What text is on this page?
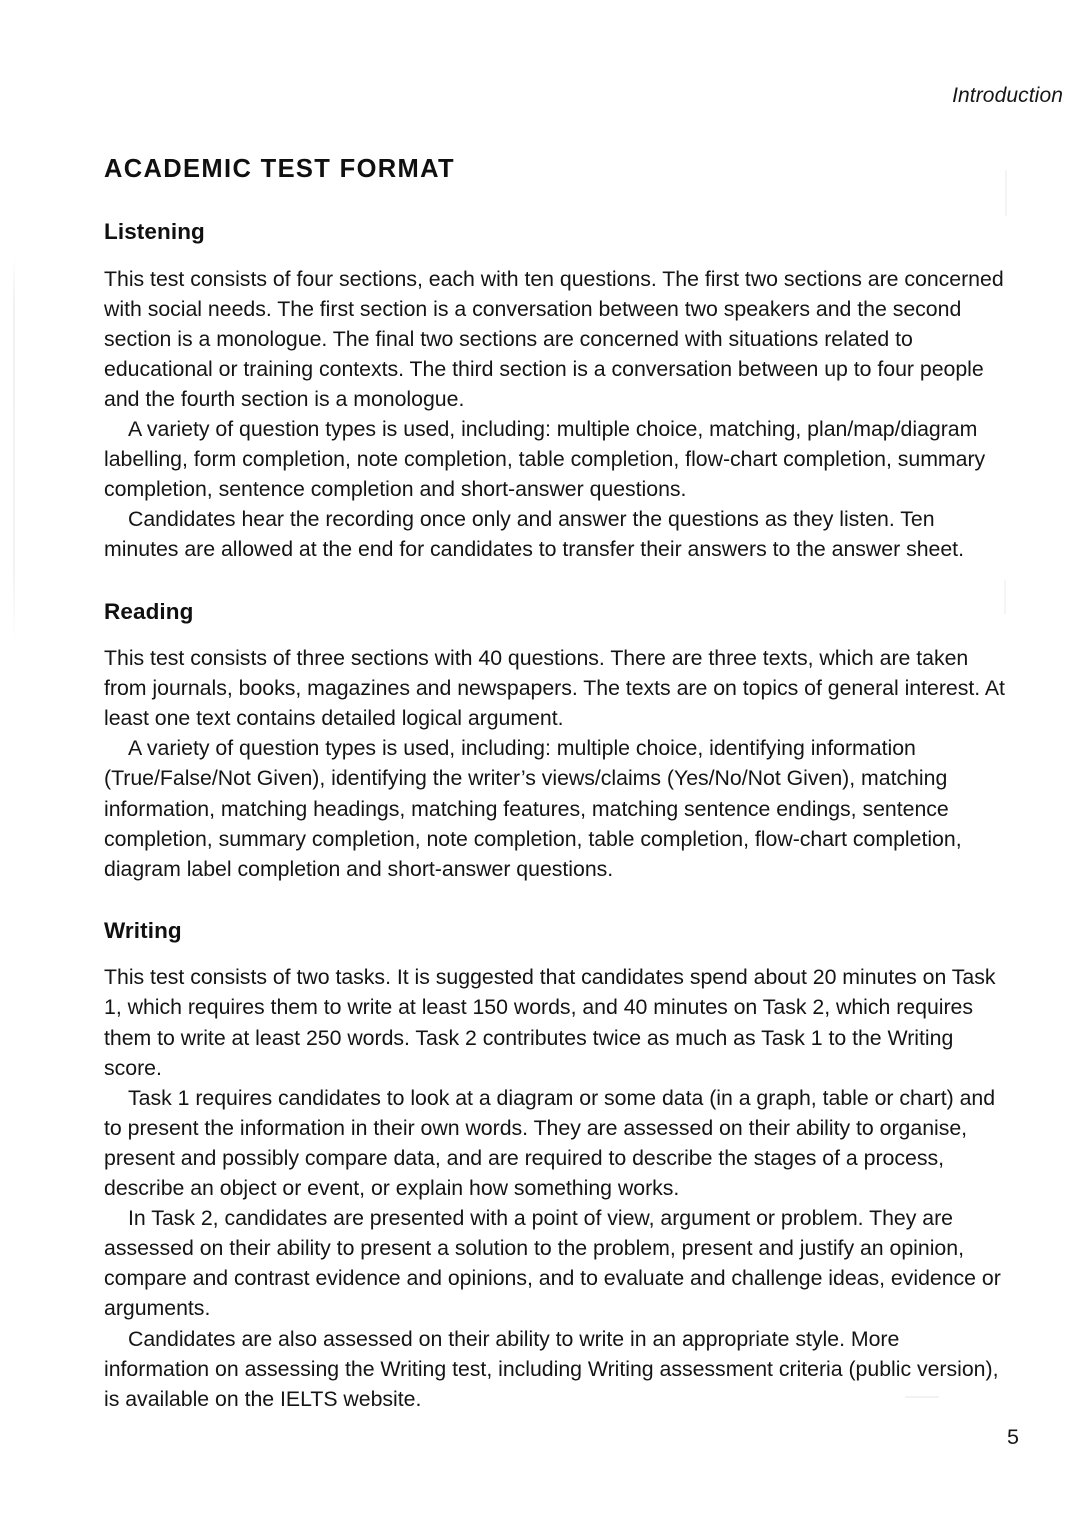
Introduction
ACADEMIC TEST FORMAT
Listening

This test consists of four sections, each with ten questions. The first two sections are concerned with social needs. The first section is a conversation between two speakers and the second section is a monologue. The final two sections are concerned with situations related to educational or training contexts. The third section is a conversation between up to four people and the fourth section is a monologue.

A variety of question types is used, including: multiple choice, matching, plan/map/diagram labelling, form completion, note completion, table completion, flow-chart completion, summary completion, sentence completion and short-answer questions.

Candidates hear the recording once only and answer the questions as they listen. Ten minutes are allowed at the end for candidates to transfer their answers to the answer sheet.

Reading

This test consists of three sections with 40 questions. There are three texts, which are taken from journals, books, magazines and newspapers. The texts are on topics of general interest. At least one text contains detailed logical argument.

A variety of question types is used, including: multiple choice, identifying information (True/False/Not Given), identifying the writer’s views/claims (Yes/No/Not Given), matching information, matching headings, matching features, matching sentence endings, sentence completion, summary completion, note completion, table completion, flow-chart completion, diagram label completion and short-answer questions.

Writing

This test consists of two tasks. It is suggested that candidates spend about 20 minutes on Task 1, which requires them to write at least 150 words, and 40 minutes on Task 2, which requires them to write at least 250 words. Task 2 contributes twice as much as Task 1 to the Writing score.

Task 1 requires candidates to look at a diagram or some data (in a graph, table or chart) and to present the information in their own words. They are assessed on their ability to organise, present and possibly compare data, and are required to describe the stages of a process, describe an object or event, or explain how something works.

In Task 2, candidates are presented with a point of view, argument or problem. They are assessed on their ability to present a solution to the problem, present and justify an opinion, compare and contrast evidence and opinions, and to evaluate and challenge ideas, evidence or arguments.

Candidates are also assessed on their ability to write in an appropriate style. More information on assessing the Writing test, including Writing assessment criteria (public version), is available on the IELTS website.

5
